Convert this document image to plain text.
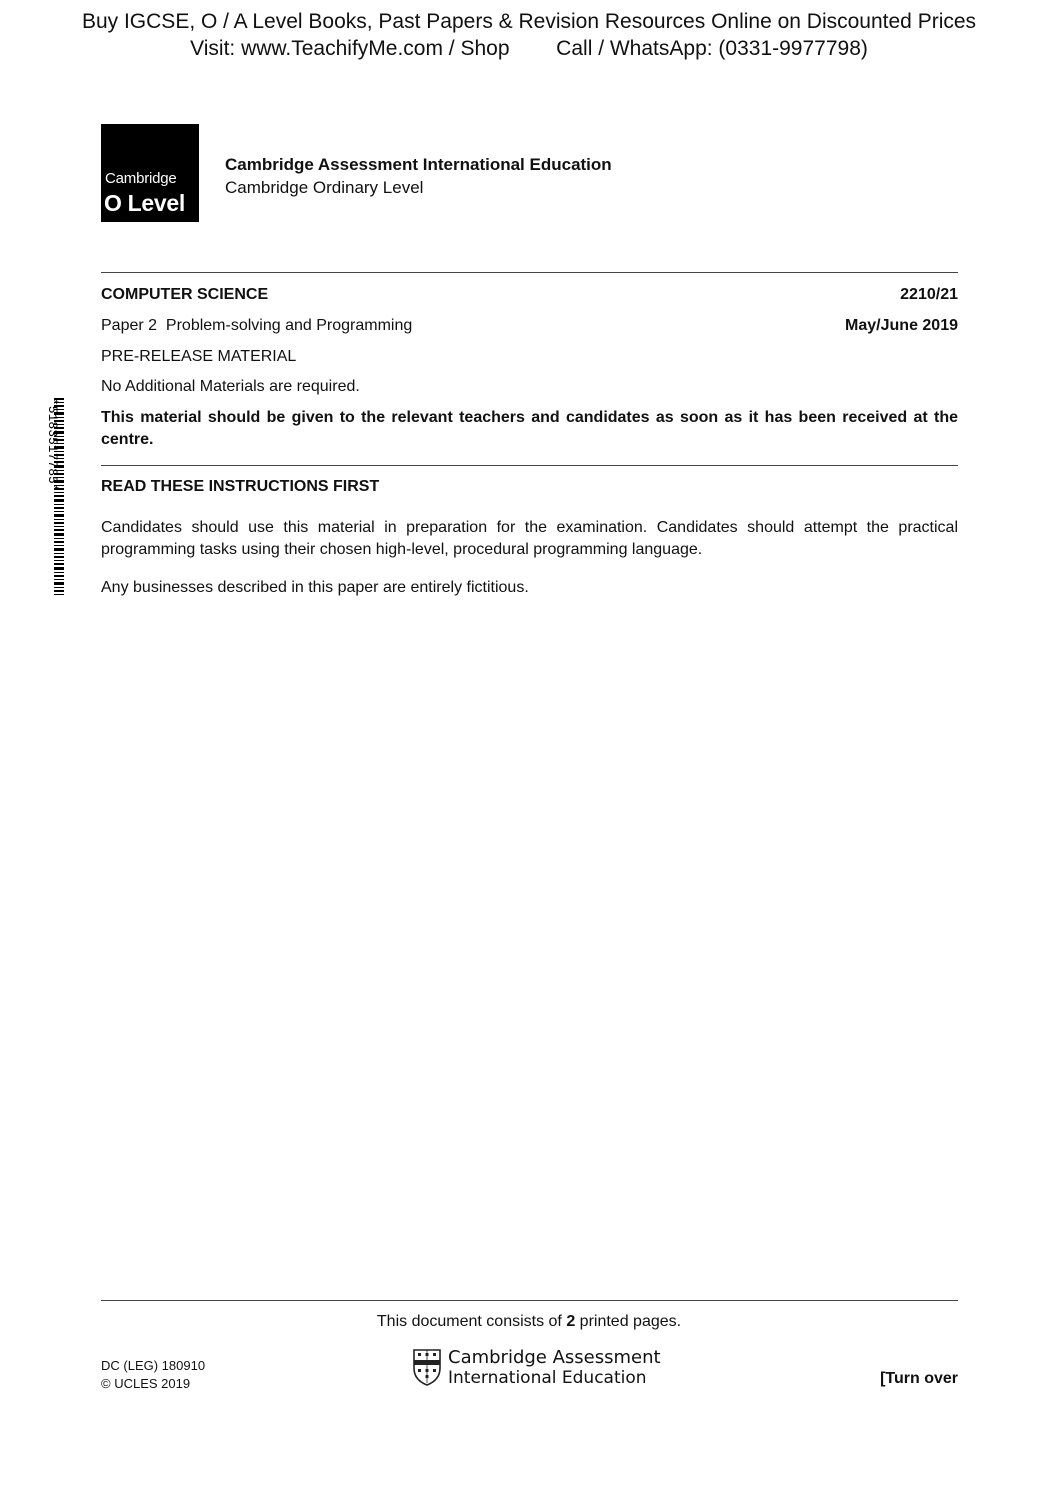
Buy IGCSE, O / A Level Books, Past Papers & Revision Resources Online on Discounted Prices
Visit: www.TeachifyMe.com / Shop        Call / WhatsApp: (0331-9977798)
Cambridge
O Level
Cambridge Assessment International Education
Cambridge Ordinary Level
COMPUTER SCIENCE	2210/21
Paper 2  Problem-solving and Programming	May/June 2019
PRE-RELEASE MATERIAL
No Additional Materials are required.
This material should be given to the relevant teachers and candidates as soon as it has been received at the centre.
*5183517785*	READ THESE INSTRUCTIONS FIRST
Candidates should use this material in preparation for the examination. Candidates should attempt the practical programming tasks using their chosen high-level, procedural programming language.
Any businesses described in this paper are entirely fictitious.
This document consists of 2 printed pages.
DC (LEG) 180910
© UCLES 2019
Cambridge Assessment
International Education	[Turn over
